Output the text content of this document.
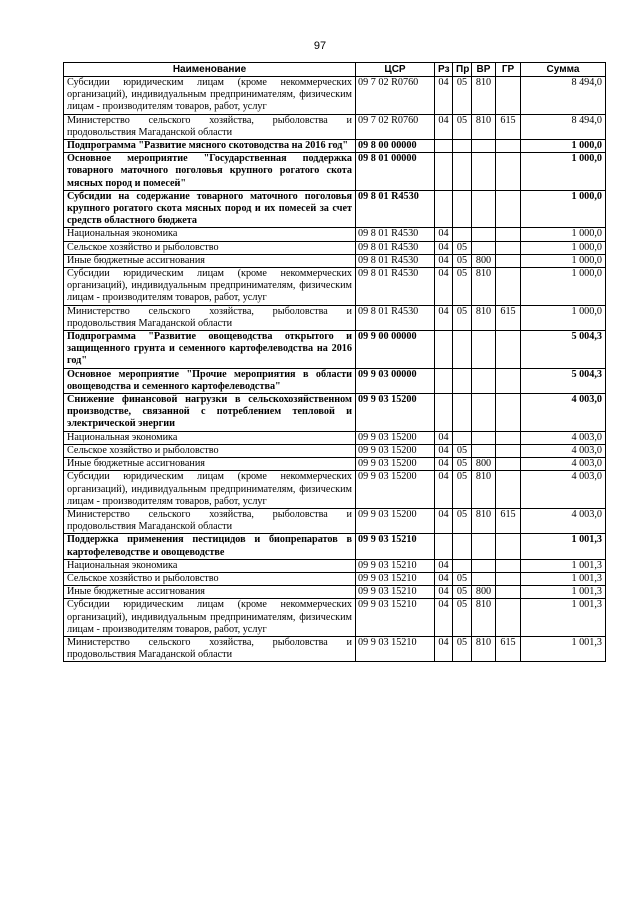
97
Наименование	ЦСР	Рз	Пр	ВР	ГР	Сумма
Субсидии юридическим лицам (кроме некоммерческих организаций), индивидуальным предпринимателям, физическим лицам - производителям товаров, работ, услуг	09 7 02 R0760	04	05	810		8 494,0
Министерство сельского хозяйства, рыболовства и продовольствия Магаданской области	09 7 02 R0760	04	05	810	615	8 494,0
Подпрограмма "Развитие мясного скотоводства на 2016 год"	09 8 00 00000					1 000,0
Основное мероприятие "Государственная поддержка товарного маточного поголовья крупного рогатого скота мясных пород и помесей"	09 8 01 00000					1 000,0
Субсидии на содержание товарного маточного поголовья крупного рогатого скота мясных пород и их помесей за счет средств областного бюджета	09 8 01 R4530					1 000,0
Национальная экономика	09 8 01 R4530	04				1 000,0
Сельское хозяйство и рыболовство	09 8 01 R4530	04	05			1 000,0
Иные бюджетные ассигнования	09 8 01 R4530	04	05	800		1 000,0
Субсидии юридическим лицам (кроме некоммерческих организаций), индивидуальным предпринимателям, физическим лицам - производителям товаров, работ, услуг	09 8 01 R4530	04	05	810		1 000,0
Министерство сельского хозяйства, рыболовства и продовольствия Магаданской области	09 8 01 R4530	04	05	810	615	1 000,0
Подпрограмма "Развитие овощеводства открытого и защищенного грунта и семенного картофелеводства на 2016 год"	09 9 00 00000					5 004,3
Основное мероприятие "Прочие мероприятия в области овощеводства и семенного картофелеводства"	09 9 03 00000					5 004,3
Снижение финансовой нагрузки в сельскохозяйственном производстве, связанной с потреблением тепловой и электрической энергии	09 9 03 15200					4 003,0
Национальная экономика	09 9 03 15200	04				4 003,0
Сельское хозяйство и рыболовство	09 9 03 15200	04	05			4 003,0
Иные бюджетные ассигнования	09 9 03 15200	04	05	800		4 003,0
Субсидии юридическим лицам (кроме некоммерческих организаций), индивидуальным предпринимателям, физическим лицам - производителям товаров, работ, услуг	09 9 03 15200	04	05	810		4 003,0
Министерство сельского хозяйства, рыболовства и продовольствия Магаданской области	09 9 03 15200	04	05	810	615	4 003,0
Поддержка применения пестицидов и биопрепаратов в картофелеводстве и овощеводстве	09 9 03 15210					1 001,3
Национальная экономика	09 9 03 15210	04				1 001,3
Сельское хозяйство и рыболовство	09 9 03 15210	04	05			1 001,3
Иные бюджетные ассигнования	09 9 03 15210	04	05	800		1 001,3
Субсидии юридическим лицам (кроме некоммерческих организаций), индивидуальным предпринимателям, физическим лицам - производителям товаров, работ, услуг	09 9 03 15210	04	05	810		1 001,3
Министерство сельского хозяйства, рыболовства и продовольствия Магаданской области	09 9 03 15210	04	05	810	615	1 001,3
